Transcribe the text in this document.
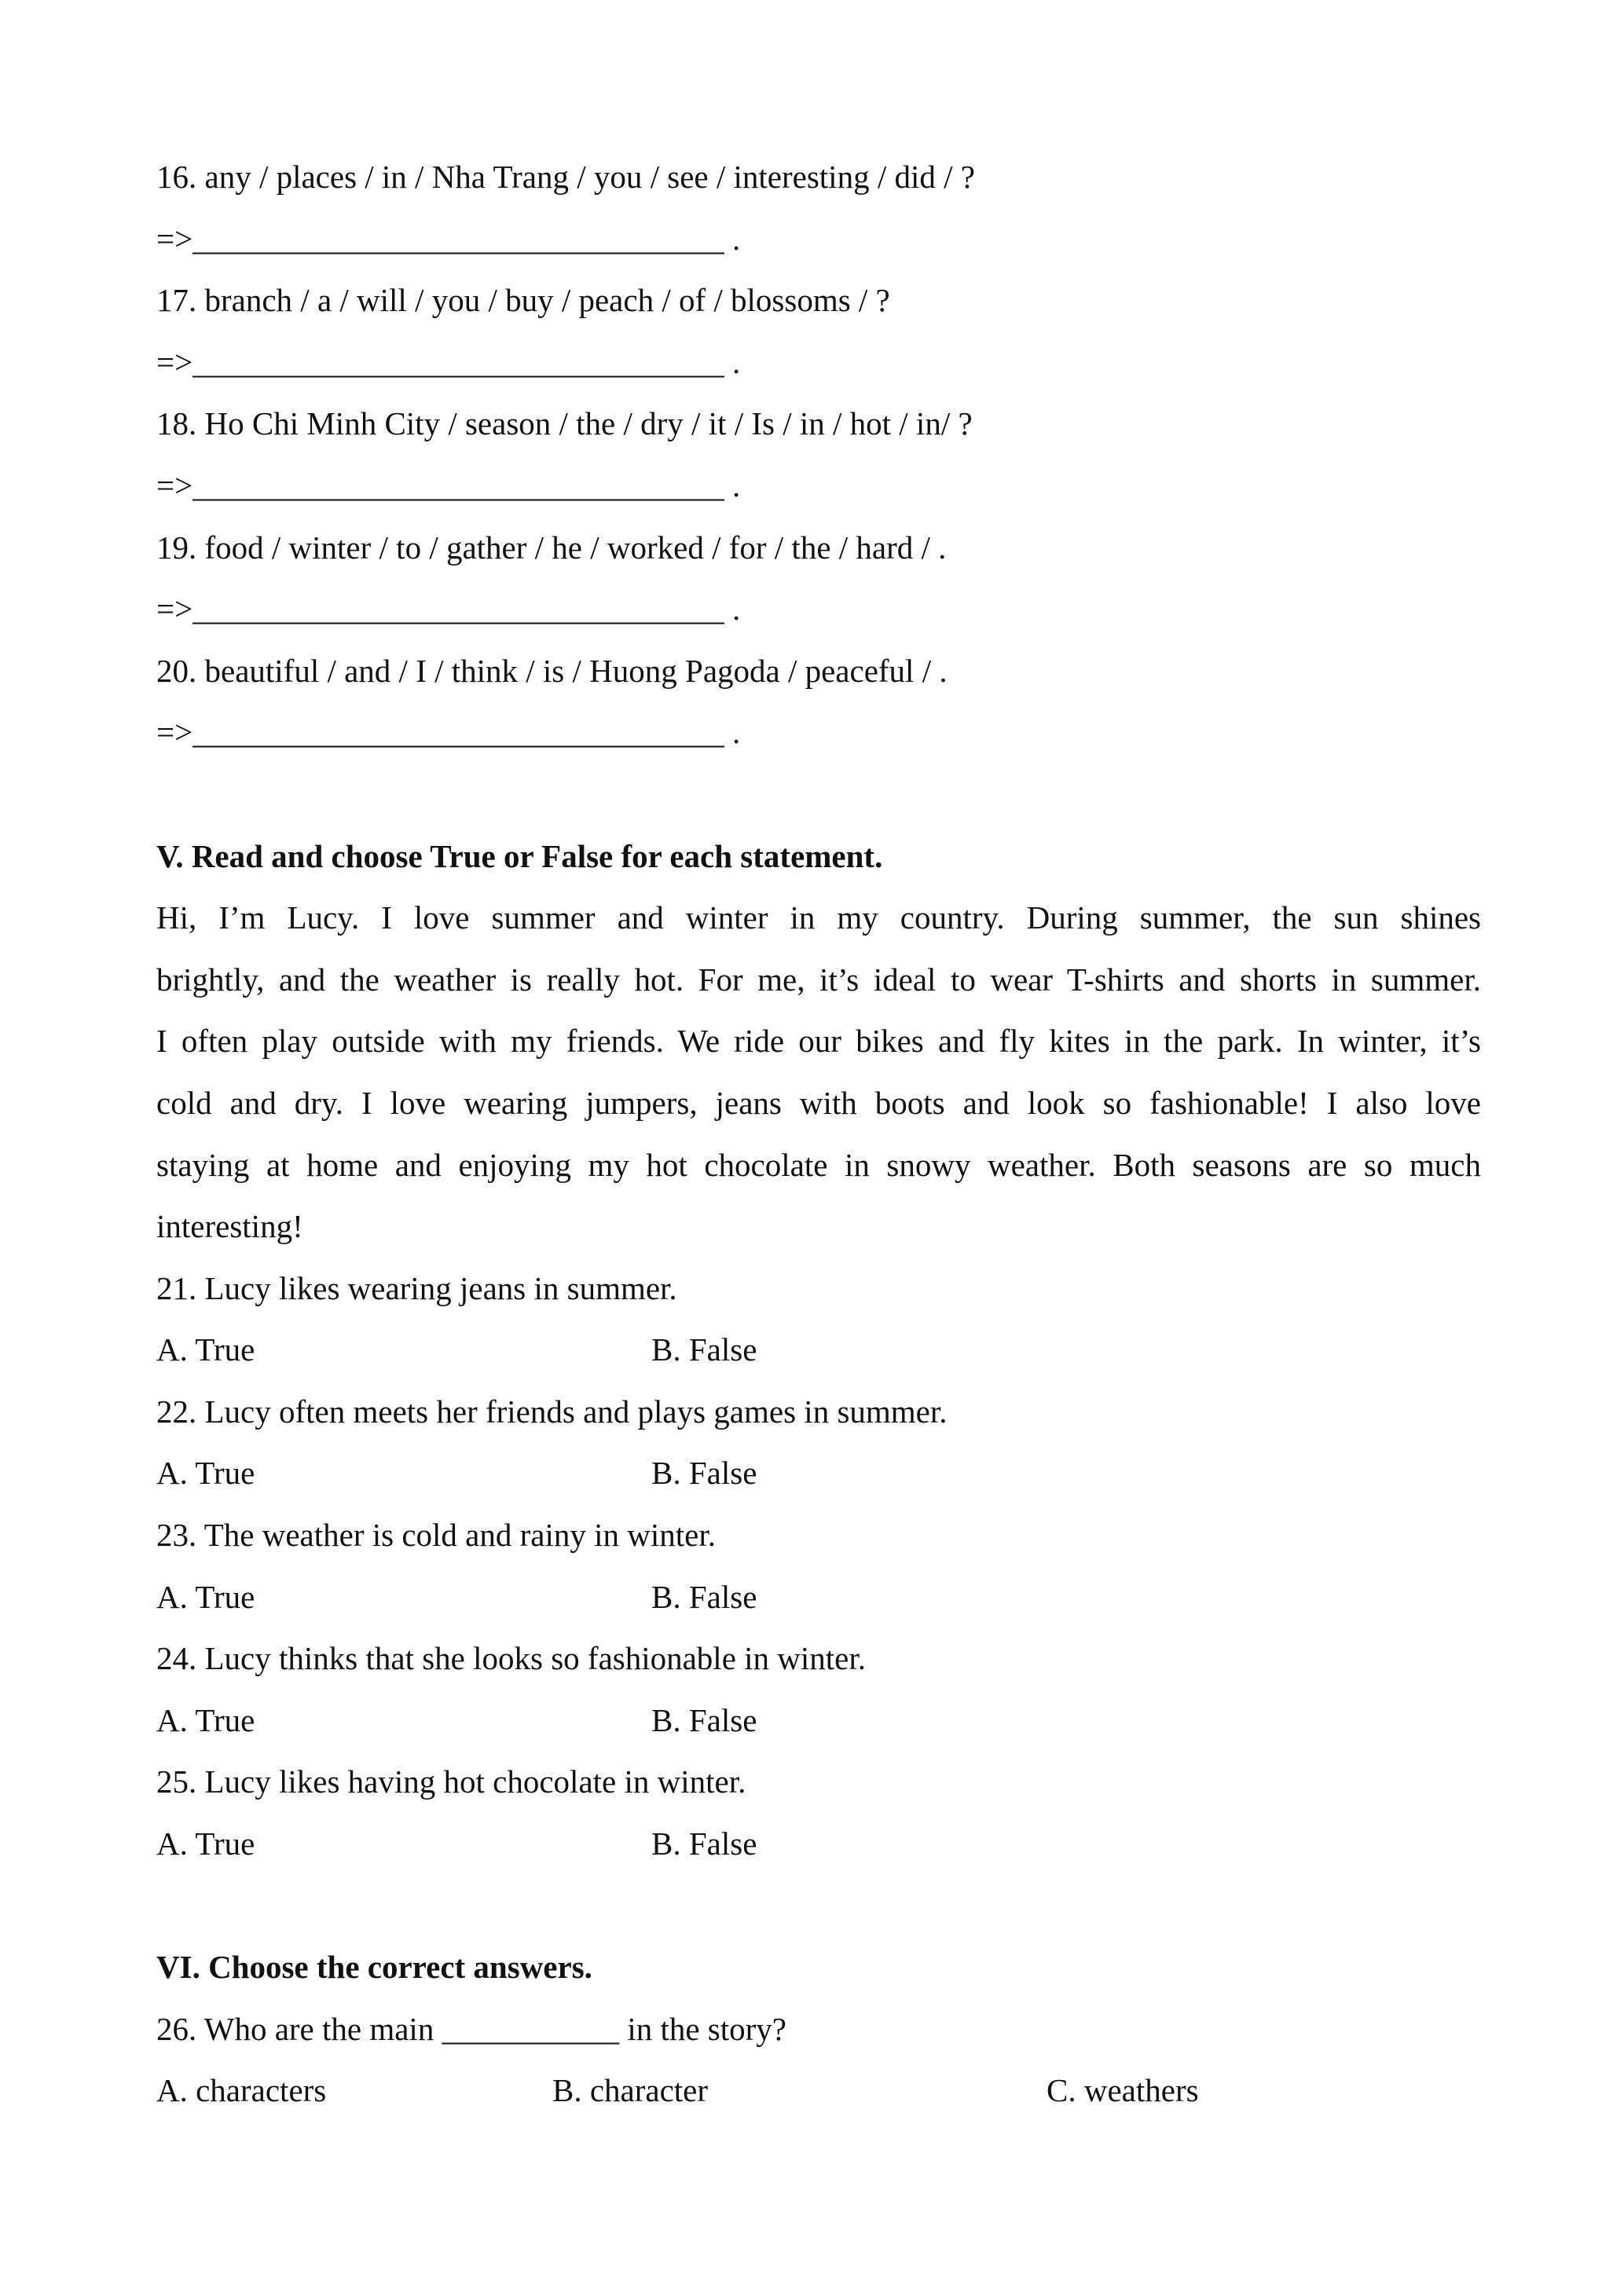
16. any / places / in / Nha Trang / you / see / interesting / did / ?
=>_________________________________ .
17. branch / a / will / you / buy / peach / of / blossoms / ?
=>_________________________________ .
18. Ho Chi Minh City / season / the / dry / it / Is / in / hot / in/ ?
=>_________________________________ .
19. food / winter / to / gather / he / worked / for / the / hard / .
=>_________________________________ .
20. beautiful / and / I / think / is / Huong Pagoda / peaceful / .
=>_________________________________ .
V. Read and choose True or False for each statement.
Hi, I’m Lucy. I love summer and winter in my country. During summer, the sun shines
brightly, and the weather is really hot. For me, it’s ideal to wear T-shirts and shorts in summer.
I often play outside with my friends. We ride our bikes and fly kites in the park. In winter, it’s
cold and dry. I love wearing jumpers, jeans with boots and look so fashionable! I also love
staying at home and enjoying my hot chocolate in snowy weather. Both seasons are so much
interesting!
21. Lucy likes wearing jeans in summer.
A. True	B. False
22. Lucy often meets her friends and plays games in summer.
A. True	B. False
23. The weather is cold and rainy in winter.
A. True	B. False
24. Lucy thinks that she looks so fashionable in winter.
A. True	B. False
25. Lucy likes having hot chocolate in winter.
A. True	B. False
VI. Choose the correct answers.
26. Who are the main ___________ in the story?
A. characters	B. character	C. weathers
